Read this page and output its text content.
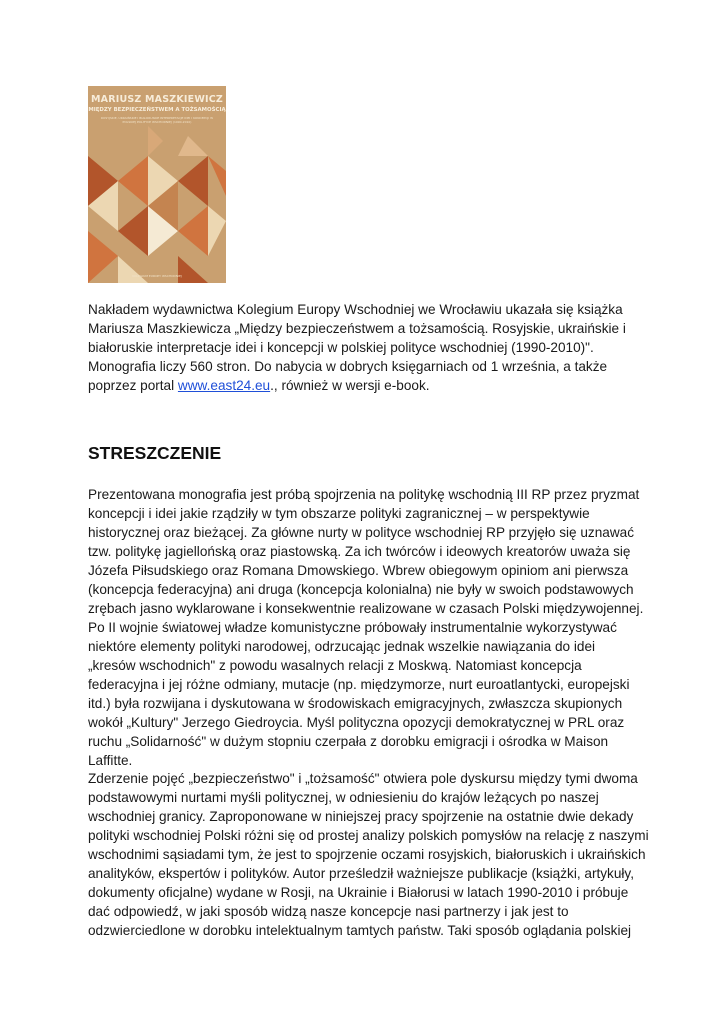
MARIUSZ MASZKIEWICZ
MIĘDZY BEZPIECZEŃSTWEM A TOŻSAMOŚCIĄ
ROSYJSKIE, UKRAIŃSKIE I BIAŁORUSKIE INTERPRETACJE IDEI I KONCEPCJI W POLSKIEJ POLITYCE WSCHODNIEJ (1990-2010)
KOLEGIUM EUROPY WSCHODNIEJ
Nakładem wydawnictwa Kolegium Europy Wschodniej we Wrocławiu ukazała się książka
Mariusza Maszkiewicza „Między bezpieczeństwem a tożsamością. Rosyjskie, ukraińskie i
białoruskie interpretacje idei i koncepcji w polskiej polityce wschodniej (1990-2010)".
Monografia liczy 560 stron. Do nabycia w dobrych księgarniach od 1 września, a także
poprzez portal www.east24.eu., również w wersji e-book.
STRESZCZENIE
Prezentowana monografia jest próbą spojrzenia na politykę wschodnią III RP przez pryzmat
koncepcji i idei jakie rządziły w tym obszarze polityki zagranicznej – w perspektywie
historycznej oraz bieżącej. Za główne nurty w polityce wschodniej RP przyjęło się uznawać
tzw. politykę jagiellońską oraz piastowską. Za ich twórców i ideowych kreatorów uważa się
Józefa Piłsudskiego oraz Romana Dmowskiego. Wbrew obiegowym opiniom ani pierwsza
(koncepcja federacyjna) ani druga (koncepcja kolonialna) nie były w swoich podstawowych
zrębach jasno wyklarowane i konsekwentnie realizowane w czasach Polski międzywojennej.
Po II wojnie światowej władze komunistyczne próbowały instrumentalnie wykorzystywać
niektóre elementy polityki narodowej, odrzucając jednak wszelkie nawiązania do idei
„kresów wschodnich" z powodu wasalnych relacji z Moskwą. Natomiast koncepcja
federacyjna i jej różne odmiany, mutacje (np. międzymorze, nurt euroatlantycki, europejski
itd.) była rozwijana i dyskutowana w środowiskach emigracyjnych, zwłaszcza skupionych
wokół „Kultury" Jerzego Giedroycia. Myśl polityczna opozycji demokratycznej w PRL oraz
ruchu „Solidarność" w dużym stopniu czerpała z dorobku emigracji i ośrodka w Maison
Laffitte.
Zderzenie pojęć „bezpieczeństwo" i „tożsamość" otwiera pole dyskursu między tymi dwoma
podstawowymi nurtami myśli politycznej, w odniesieniu do krajów leżących po naszej
wschodniej granicy. Zaproponowane w niniejszej pracy spojrzenie na ostatnie dwie dekady
polityki wschodniej Polski różni się od prostej analizy polskich pomysłów na relację z naszymi
wschodnimi sąsiadami tym, że jest to spojrzenie oczami rosyjskich, białoruskich i ukraińskich
analityków, ekspertów i polityków. Autor prześledził ważniejsze publikacje (książki, artykuły,
dokumenty oficjalne) wydane w Rosji, na Ukrainie i Białorusi w latach 1990-2010 i próbuje
dać odpowiedź, w jaki sposób widzą nasze koncepcje nasi partnerzy i jak jest to
odzwierciedlone w dorobku intelektualnym tamtych państw. Taki sposób oglądania polskiej
